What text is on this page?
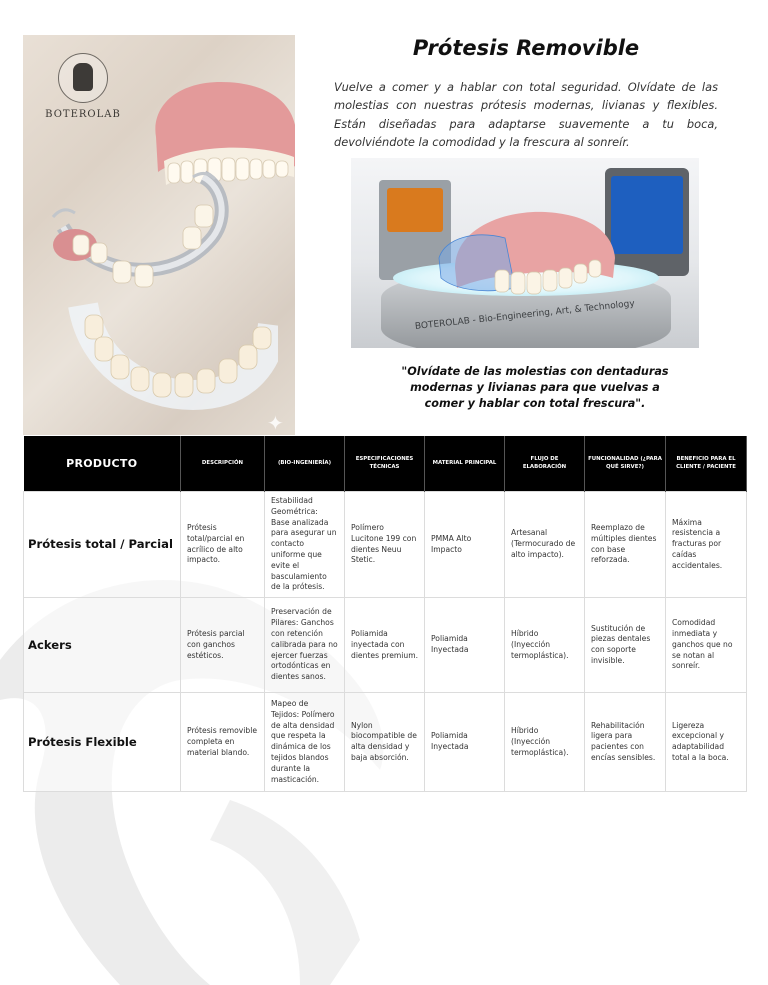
BOTEROLAB
✦
Prótesis Removible

Vuelve a comer y a hablar con total seguridad. Olvídate de las molestias con nuestras prótesis modernas, livianas y flexibles. Están diseñadas para adaptarse suavemente a tu boca, devolviéndote la comodidad y la frescura al sonreír.

BOTEROLAB - Bio-Engineering, Art, & Technology

"Olvídate de las molestias con dentaduras modernas y livianas para que vuelvas a comer y hablar con total frescura".

PRODUCTO	DESCRIPCIÓN	(BIO-INGENIERÍA)	ESPECIFICACIONES TÉCNICAS	MATERIAL PRINCIPAL	FLUJO DE ELABORACIÓN	FUNCIONALIDAD (¿PARA QUÉ SIRVE?)	BENEFICIO PARA EL CLIENTE / PACIENTE
Prótesis total / Parcial	Prótesis total/parcial en acrílico de alto impacto.	Estabilidad Geométrica: Base analizada para asegurar un contacto uniforme que evite el basculamiento de la prótesis.	Polímero Lucitone 199 con dientes Neuu Stetic.	PMMA Alto Impacto	Artesanal (Termocurado de alto impacto).	Reemplazo de múltiples dientes con base reforzada.	Máxima resistencia a fracturas por caídas accidentales.
Ackers	Prótesis parcial con ganchos estéticos.	Preservación de Pilares: Ganchos con retención calibrada para no ejercer fuerzas ortodónticas en dientes sanos.	Poliamida inyectada con dientes premium.	Poliamida Inyectada	Híbrido (Inyección termoplástica).	Sustitución de piezas dentales con soporte invisible.	Comodidad inmediata y ganchos que no se notan al sonreír.
Prótesis Flexible	Prótesis removible completa en material blando.	Mapeo de Tejidos: Polímero de alta densidad que respeta la dinámica de los tejidos blandos durante la masticación.	Nylon biocompatible de alta densidad y baja absorción.	Poliamida Inyectada	Híbrido (Inyección termoplástica).	Rehabilitación ligera para pacientes con encías sensibles.	Ligereza excepcional y adaptabilidad total a la boca.
